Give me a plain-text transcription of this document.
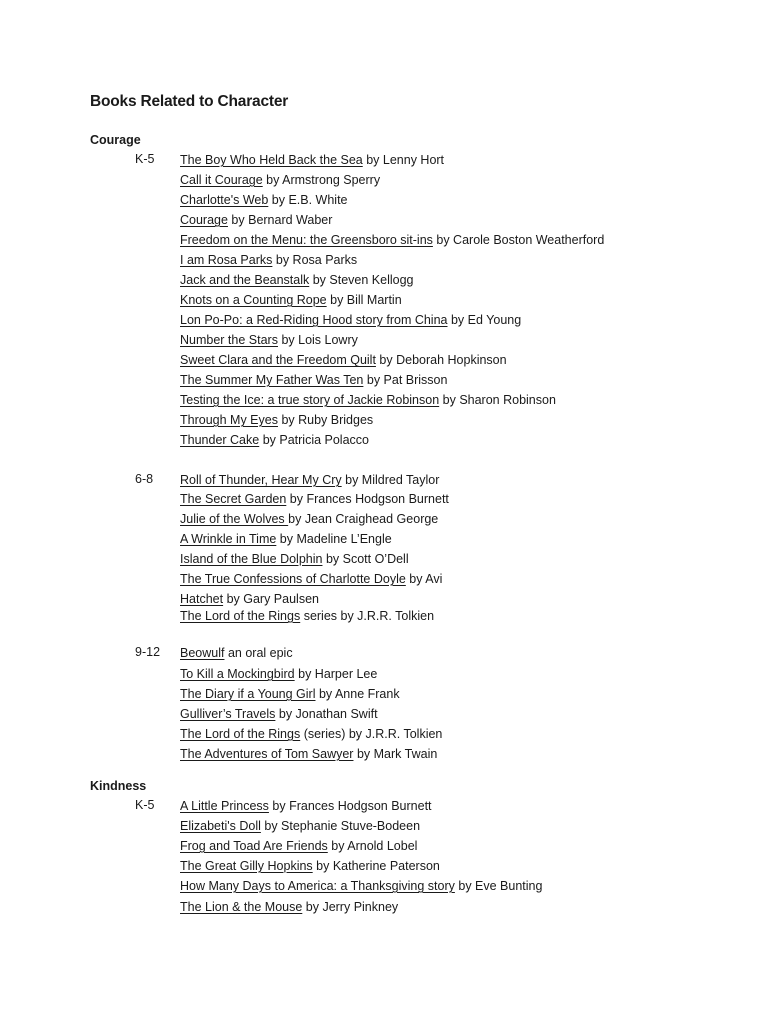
Books Related to Character
Courage
K-5 The Boy Who Held Back the Sea by Lenny Hort
Call it Courage by Armstrong Sperry
Charlotte's Web by E.B. White
Courage by Bernard Waber
Freedom on the Menu: the Greensboro sit-ins by Carole Boston Weatherford
I am Rosa Parks by Rosa Parks
Jack and the Beanstalk by Steven Kellogg
Knots on a Counting Rope by Bill Martin
Lon Po-Po: a Red-Riding Hood story from China by Ed Young
Number the Stars by Lois Lowry
Sweet Clara and the Freedom Quilt by Deborah Hopkinson
The Summer My Father Was Ten by Pat Brisson
Testing the Ice: a true story of Jackie Robinson by Sharon Robinson
Through My Eyes by Ruby Bridges
Thunder Cake by Patricia Polacco
6-8 Roll of Thunder, Hear My Cry by Mildred Taylor
The Secret Garden by Frances Hodgson Burnett
Julie of the Wolves by Jean Craighead George
A Wrinkle in Time by Madeline L’Engle
Island of the Blue Dolphin by Scott O’Dell
The True Confessions of Charlotte Doyle by Avi
Hatchet by Gary Paulsen
The Lord of the Rings series by J.R.R. Tolkien
9-12 Beowulf an oral epic
To Kill a Mockingbird by Harper Lee
The Diary if a Young Girl by Anne Frank
Gulliver’s Travels by Jonathan Swift
The Lord of the Rings (series) by J.R.R. Tolkien
The Adventures of Tom Sawyer by Mark Twain
Kindness
K-5 A Little Princess by Frances Hodgson Burnett
Elizabeti's Doll by Stephanie Stuve-Bodeen
Frog and Toad Are Friends by Arnold Lobel
The Great Gilly Hopkins by Katherine Paterson
How Many Days to America: a Thanksgiving story by Eve Bunting
The Lion & the Mouse by Jerry Pinkney
